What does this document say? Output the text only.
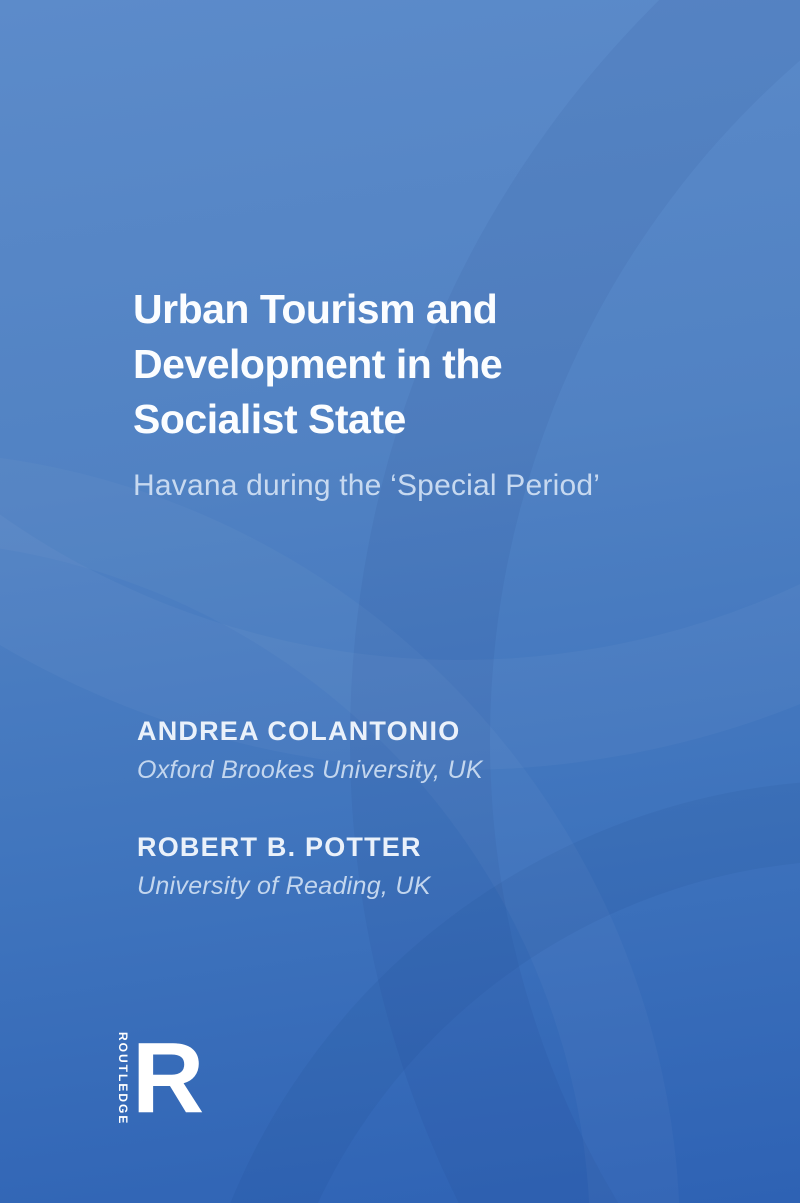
Urban Tourism and
Development in the
Socialist State
Havana during the ‘Special Period’
ANDREA COLANTONIO
Oxford Brookes University, UK
ROBERT B. POTTER
University of Reading, UK
ROUTLEDGE R
